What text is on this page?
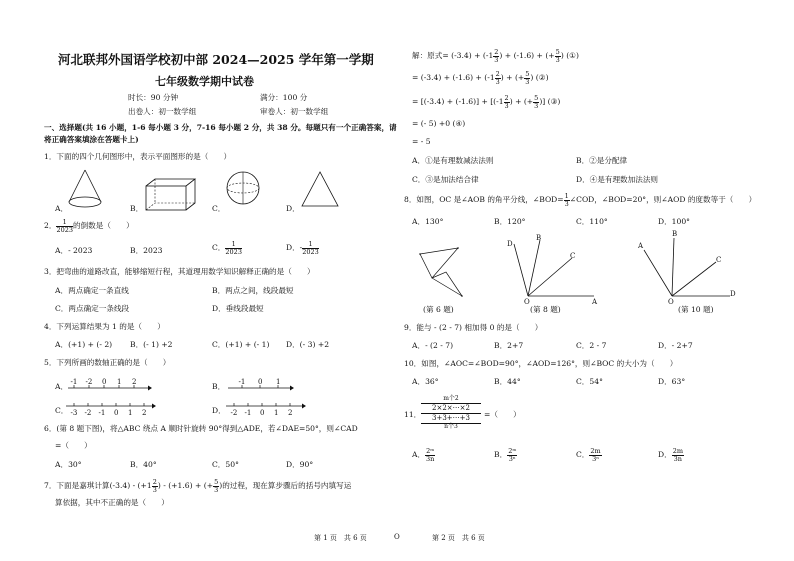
河北联邦外国语学校初中部 2024—2025 学年第一学期
七年级数学期中试卷
时长：90 分钟	满分：100 分
出卷人：初一数学组	审卷人：初一数学组
一、选择题(共 16 小题，1-6 每小题 3 分，7-16 每小题 2 分，共 38 分。每题只有一个正确答案，请
将正确答案填涂在答题卡上)
1．下面的四个几何图形中，表示平面图形的是（　　）
A．	B．	C．	D．
2． $\frac{1}{2023}$ 的倒数是（　　）
A．- 2023	B．2023	C． $\frac{1}{2023}$	D．- $\frac{1}{2023}$
3．把弯曲的道路改直，能够缩短行程，其道理用数学知识解释正确的是（　　）
A．两点确定一条直线	B．两点之间，线段最短
C．两点确定一条线段	D．垂线段最短
4．下列运算结果为 1 的是（　　）
A．(+1) + (- 2) B．(- 1) +2	C．(+1) + (- 1) D．(- 3) +2
5．下列所画的数轴正确的是（　　）
A．	B．
C．	D．
-1 -2 0 1 2	-1 0 1
-3 -2 -1 0 1 2	-2 -1 0 1 2
6．(第 8 题下图)，将△ABC 绕点 A 顺时针旋转 90°得到△ADE，若∠DAE=50°，则∠CAD
=（　　）
A．30°	B．40°	C．50°	D．90°
7．下面是嘉琪计算$(-3.4) - (+1 \frac{2}{3}$ ) - (+1.6) + (+ $\frac{5}{3}$ )的过程，现在算步骤后的括号内填写运
算依据，其中不正确的是（　　）
解：原式= $(-3.4) + (-1 \frac{2}{3}$ ) + (-1.6) + (+ $\frac{5}{3}$ ) (①)
= $(-3.4) + (-1.6) + (-1 \frac{2}{3}$ ) + (+ $\frac{5}{3}$ ) (②)
= $[(-3.4) + (-1.6)] + [(-1 \frac{2}{3}$ ) + (+ $\frac{5}{3}$ )] (③)
= (- 5) +0 (④)
= - 5
A．①是有理数减法法则	B．②是分配律
C．③是加法结合律	D．④是有理数加法法则
8．如图，OC 是∠AOB 的角平分线，∠BOD= $\frac{1}{3}$ ∠COD，∠BOD=20°，则∠AOD 的度数等于（　　）
A．130°	B．120°	C．110°	D．100°
(第 6 题)
D
B
C
O	A
(第 8 题)
A
B
C
O
D
(第 10 题)
9．能与 - (2 - 7) 相加得 0 的是（　　）
A．- (2 - 7)	B．2+7	C．2 - 7	D．- 2+7
10．如图，∠AOC=∠BOD=90°，∠AOD=126°，则∠BOC 的大小为（　　）
A．36°	B．44°	C．54°	D．63°
11．
m个2
2×2×⋯×2
3+3+⋯+3
n个3
=（　　）
A． $\frac{\text{2ᵐ}}{3n}$	B． $\frac{\text{2ᵐ}}{\text{3ⁿ}}$	C． $\frac{2m}{\text{3ⁿ}}$	D． $\frac{2m}{3n}$
第 1 页　共 6 页	O	第 2 页　共 6 页
